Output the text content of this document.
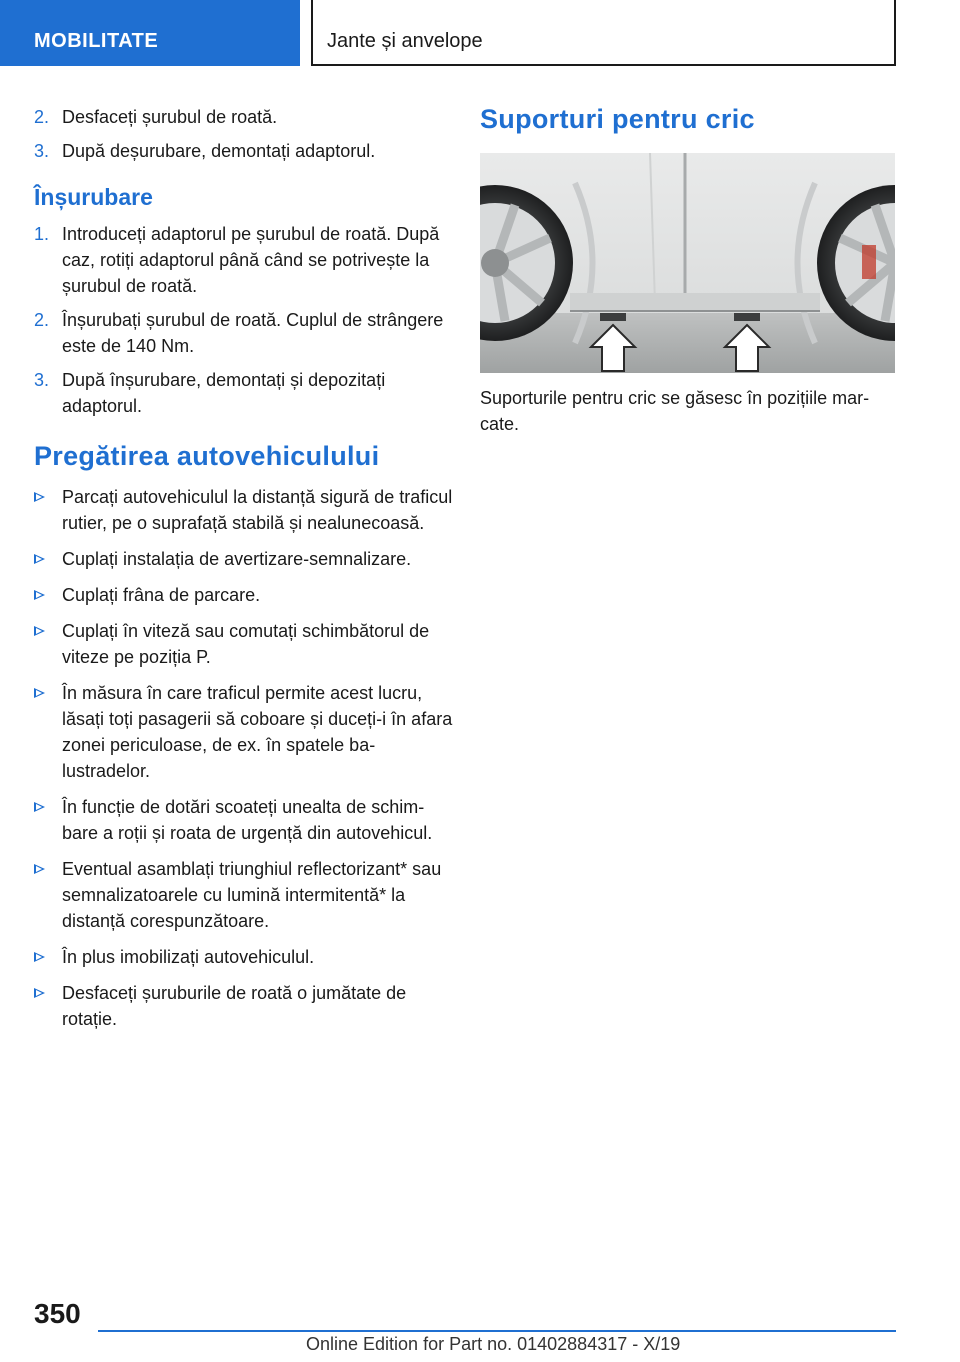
MOBILITATE	Jante și anvelope
2. Desfaceți șurubul de roată.
3. După deșurubare, demontați adaptorul.
Înșurubare
1. Introduceți adaptorul pe șurubul de roată. După caz, rotiți adaptorul până când se potrivește la șurubul de roată.
2. Înșurubați șurubul de roată. Cuplul de strângere este de 140 Nm.
3. După înșurubare, demontați și depozitați adaptorul.
Pregătirea autovehiculului
Parcați autovehiculul la distanță sigură de traficul rutier, pe o suprafață stabilă și nealunecoasă.
Cuplați instalația de avertizare-semnalizare.
Cuplați frâna de parcare.
Cuplați în viteză sau comutați schimbătorul de viteze pe poziția P.
În măsura în care traficul permite acest lucru, lăsați toți pasagerii să coboare și duceți-i în afara zonei periculoase, de ex. în spatele balustradelor.
În funcție de dotări scoateți unealta de schimbare a roții și roata de urgență din autovehicul.
Eventual asamblați triunghiul reflectorizant* sau semnalizatoarele cu lumină intermitentă* la distanță corespunzătoare.
În plus imobilizați autovehiculul.
Desfaceți șuruburile de roată o jumătate de rotație.
Suporturi pentru cric
Suporturile pentru cric se găsesc în pozițiile marcate.
350
Online Edition for Part no. 01402884317 - X/19
